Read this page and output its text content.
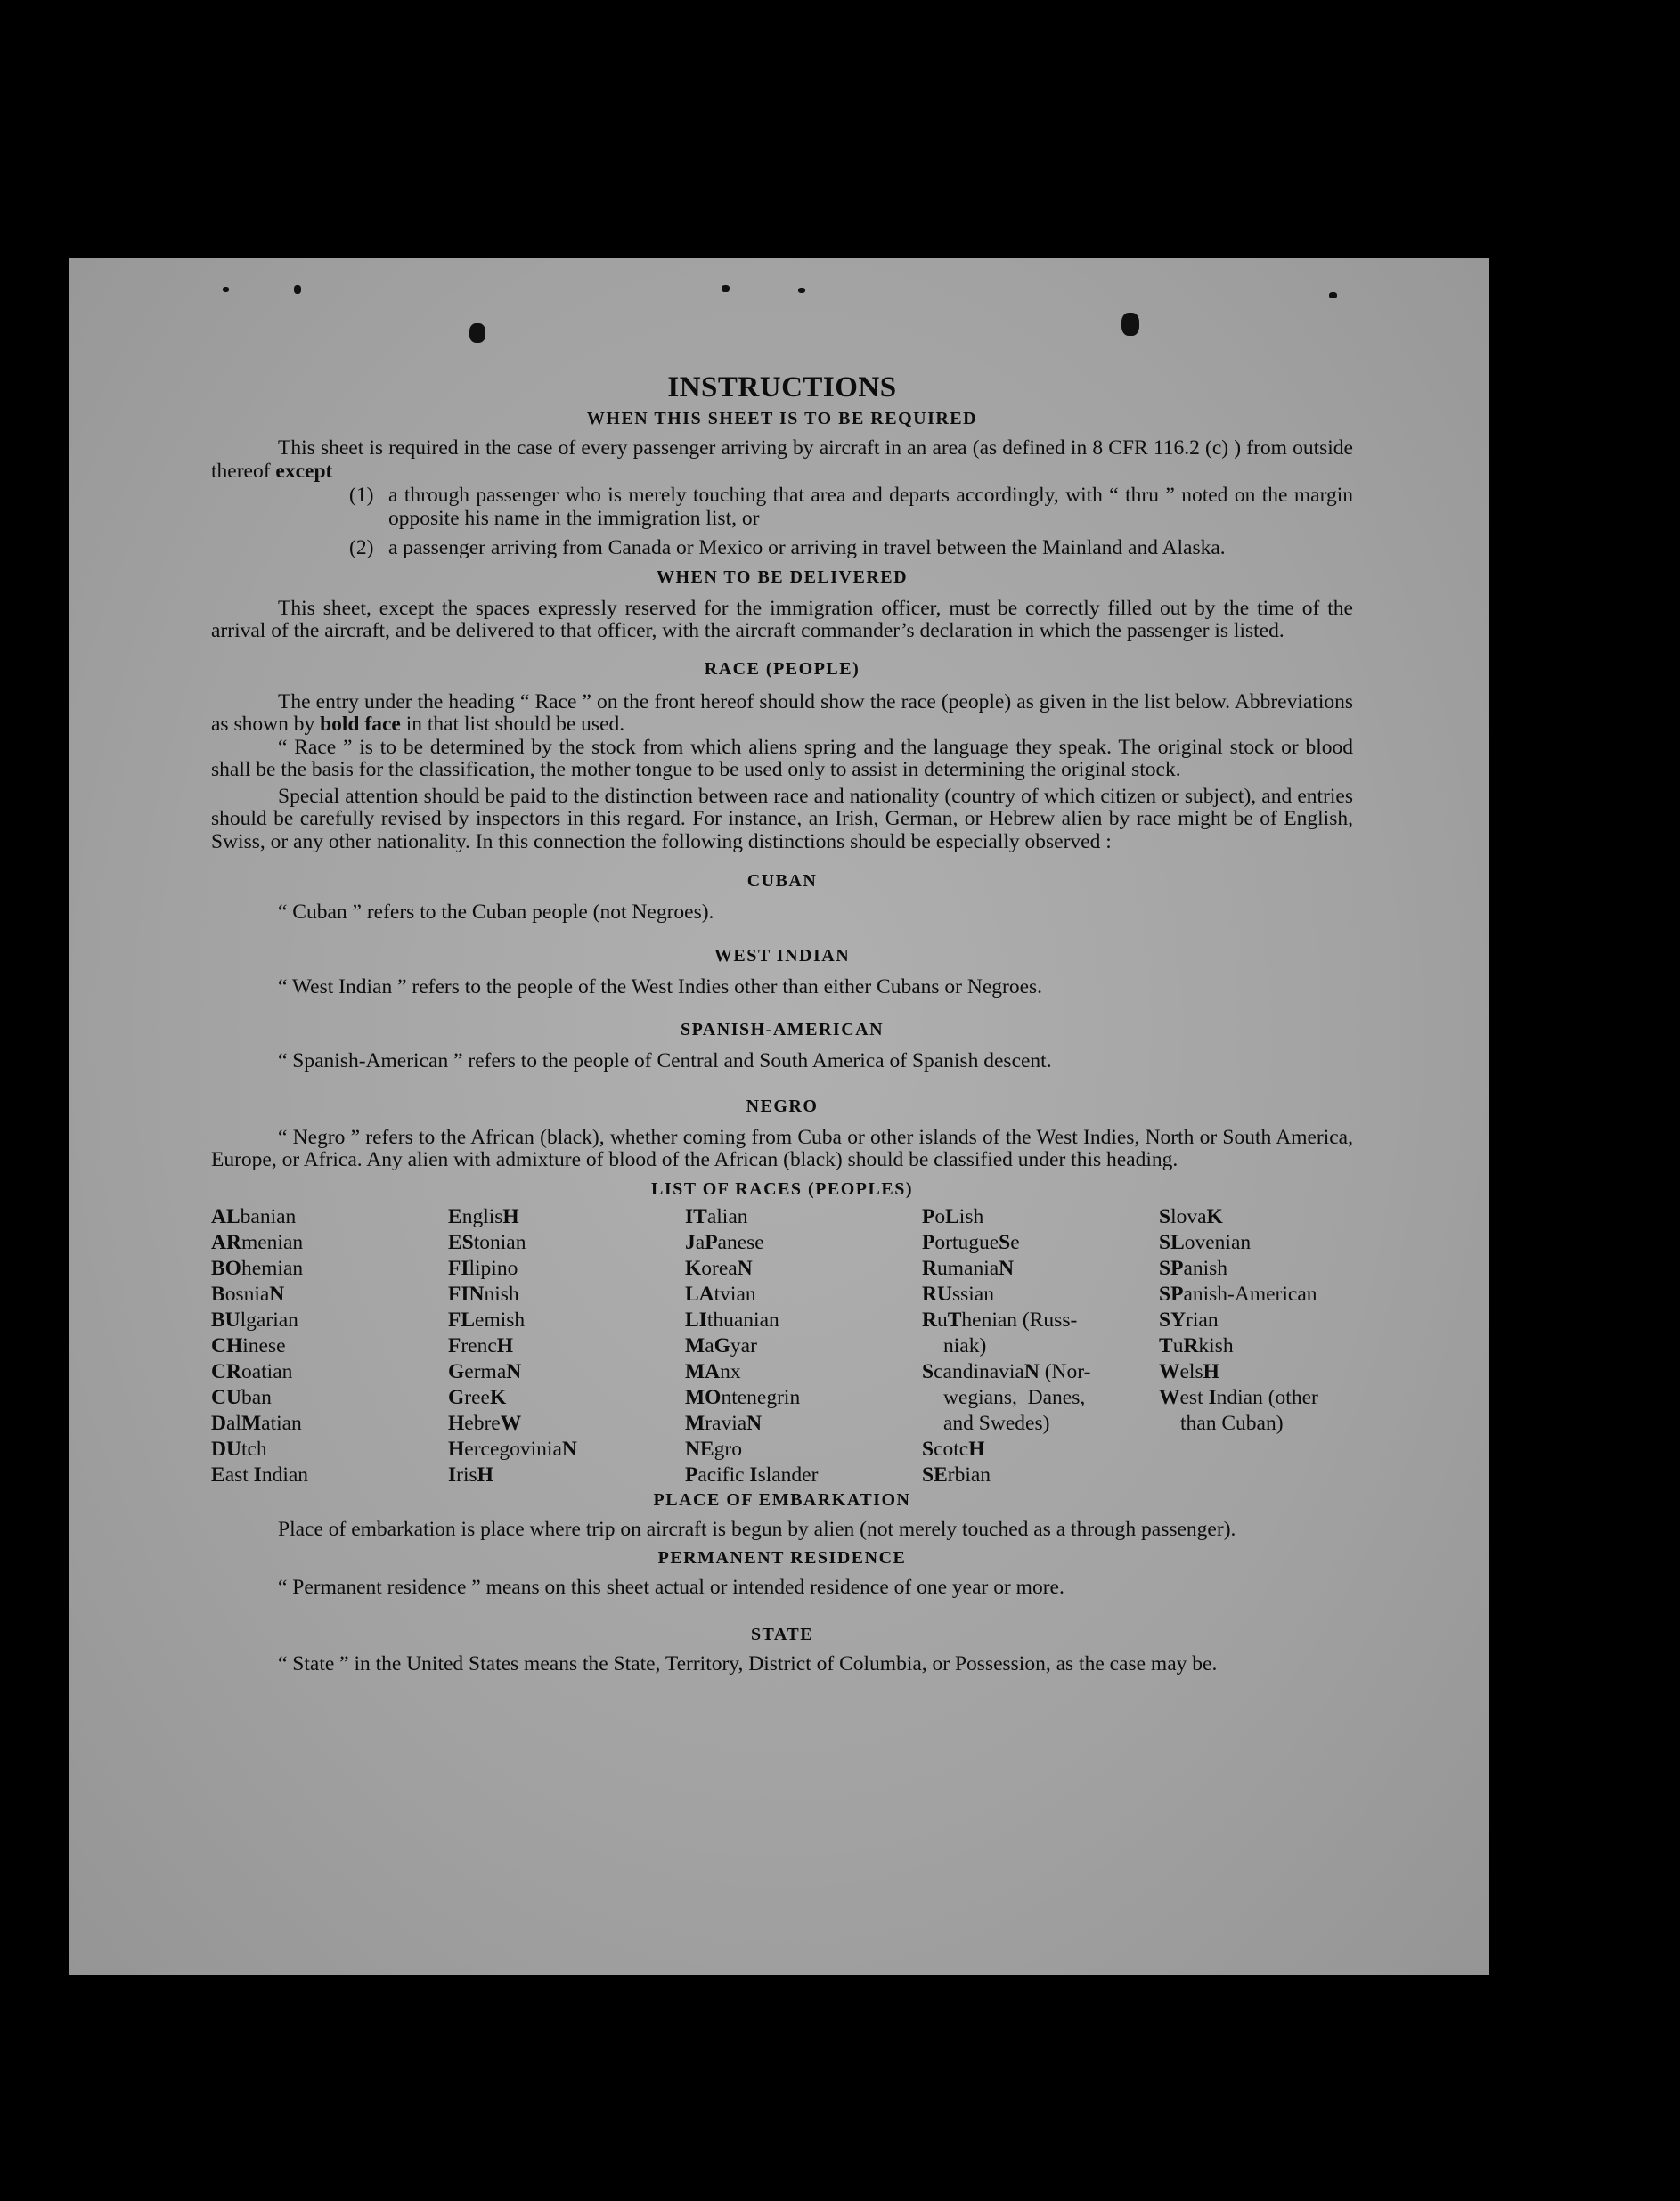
INSTRUCTIONS
WHEN THIS SHEET IS TO BE REQUIRED

This sheet is required in the case of every passenger arriving by aircraft in an area (as defined in 8 CFR 116.2 (c) ) from outside thereof except

(1) a through passenger who is merely touching that area and departs accordingly, with “ thru ” noted on the margin opposite his name in the immigration list, or
(2) a passenger arriving from Canada or Mexico or arriving in travel between the Mainland and Alaska.
WHEN TO BE DELIVERED

This sheet, except the spaces expressly reserved for the immigration officer, must be correctly filled out by the time of the arrival of the aircraft, and be delivered to that officer, with the aircraft commander’s declaration in which the passenger is listed.

RACE (PEOPLE)

The entry under the heading “ Race ” on the front hereof should show the race (people) as given in the list below. Abbreviations as shown by bold face in that list should be used.

“ Race ” is to be determined by the stock from which aliens spring and the language they speak. The original stock or blood shall be the basis for the classification, the mother tongue to be used only to assist in determining the original stock.

Special attention should be paid to the distinction between race and nationality (country of which citizen or subject), and entries should be carefully revised by inspectors in this regard. For instance, an Irish, German, or Hebrew alien by race might be of English, Swiss, or any other nationality. In this connection the following distinctions should be especially observed :

CUBAN

“ Cuban ” refers to the Cuban people (not Negroes).

WEST INDIAN

“ West Indian ” refers to the people of the West Indies other than either Cubans or Negroes.

SPANISH-AMERICAN

“ Spanish-American ” refers to the people of Central and South America of Spanish descent.

NEGRO

“ Negro ” refers to the African (black), whether coming from Cuba or other islands of the West Indies, North or South America, Europe, or Africa. Any alien with admixture of blood of the African (black) should be classified under this heading.

LIST OF RACES (PEOPLES)
ALbanian
ARmenian
BOhemian
BosniaN
BUlgarian
CHinese
CRoatian
CUban
DalMatian
DUtch
East Indian
EnglisH
EStonian
FIlipino
FINnish
FLemish
FrencH
GermaN
GreeK
HebreW
HercegoviniaN
IrisH
ITalian
JaPanese
KoreaN
LAtvian
LIthuanian
MaGyar
MAnx
MOntenegrin
MraviaN
NEgro
Pacific Islander
PoLish
PortugueSe
RumaniaN
RUssian
RuThenian (Russ-
niak)
ScandinaviaN (Nor-
wegians,  Danes,
and Swedes)
ScotcH
SErbian
SlovaK
SLovenian
SPanish
SPanish-American
SYrian
TuRkish
WelsH
West Indian (other
than Cuban)
PLACE OF EMBARKATION

Place of embarkation is place where trip on aircraft is begun by alien (not merely touched as a through passenger).

PERMANENT RESIDENCE

“ Permanent residence ” means on this sheet actual or intended residence of one year or more.

STATE

“ State ” in the United States means the State, Territory, District of Columbia, or Possession, as the case may be.
